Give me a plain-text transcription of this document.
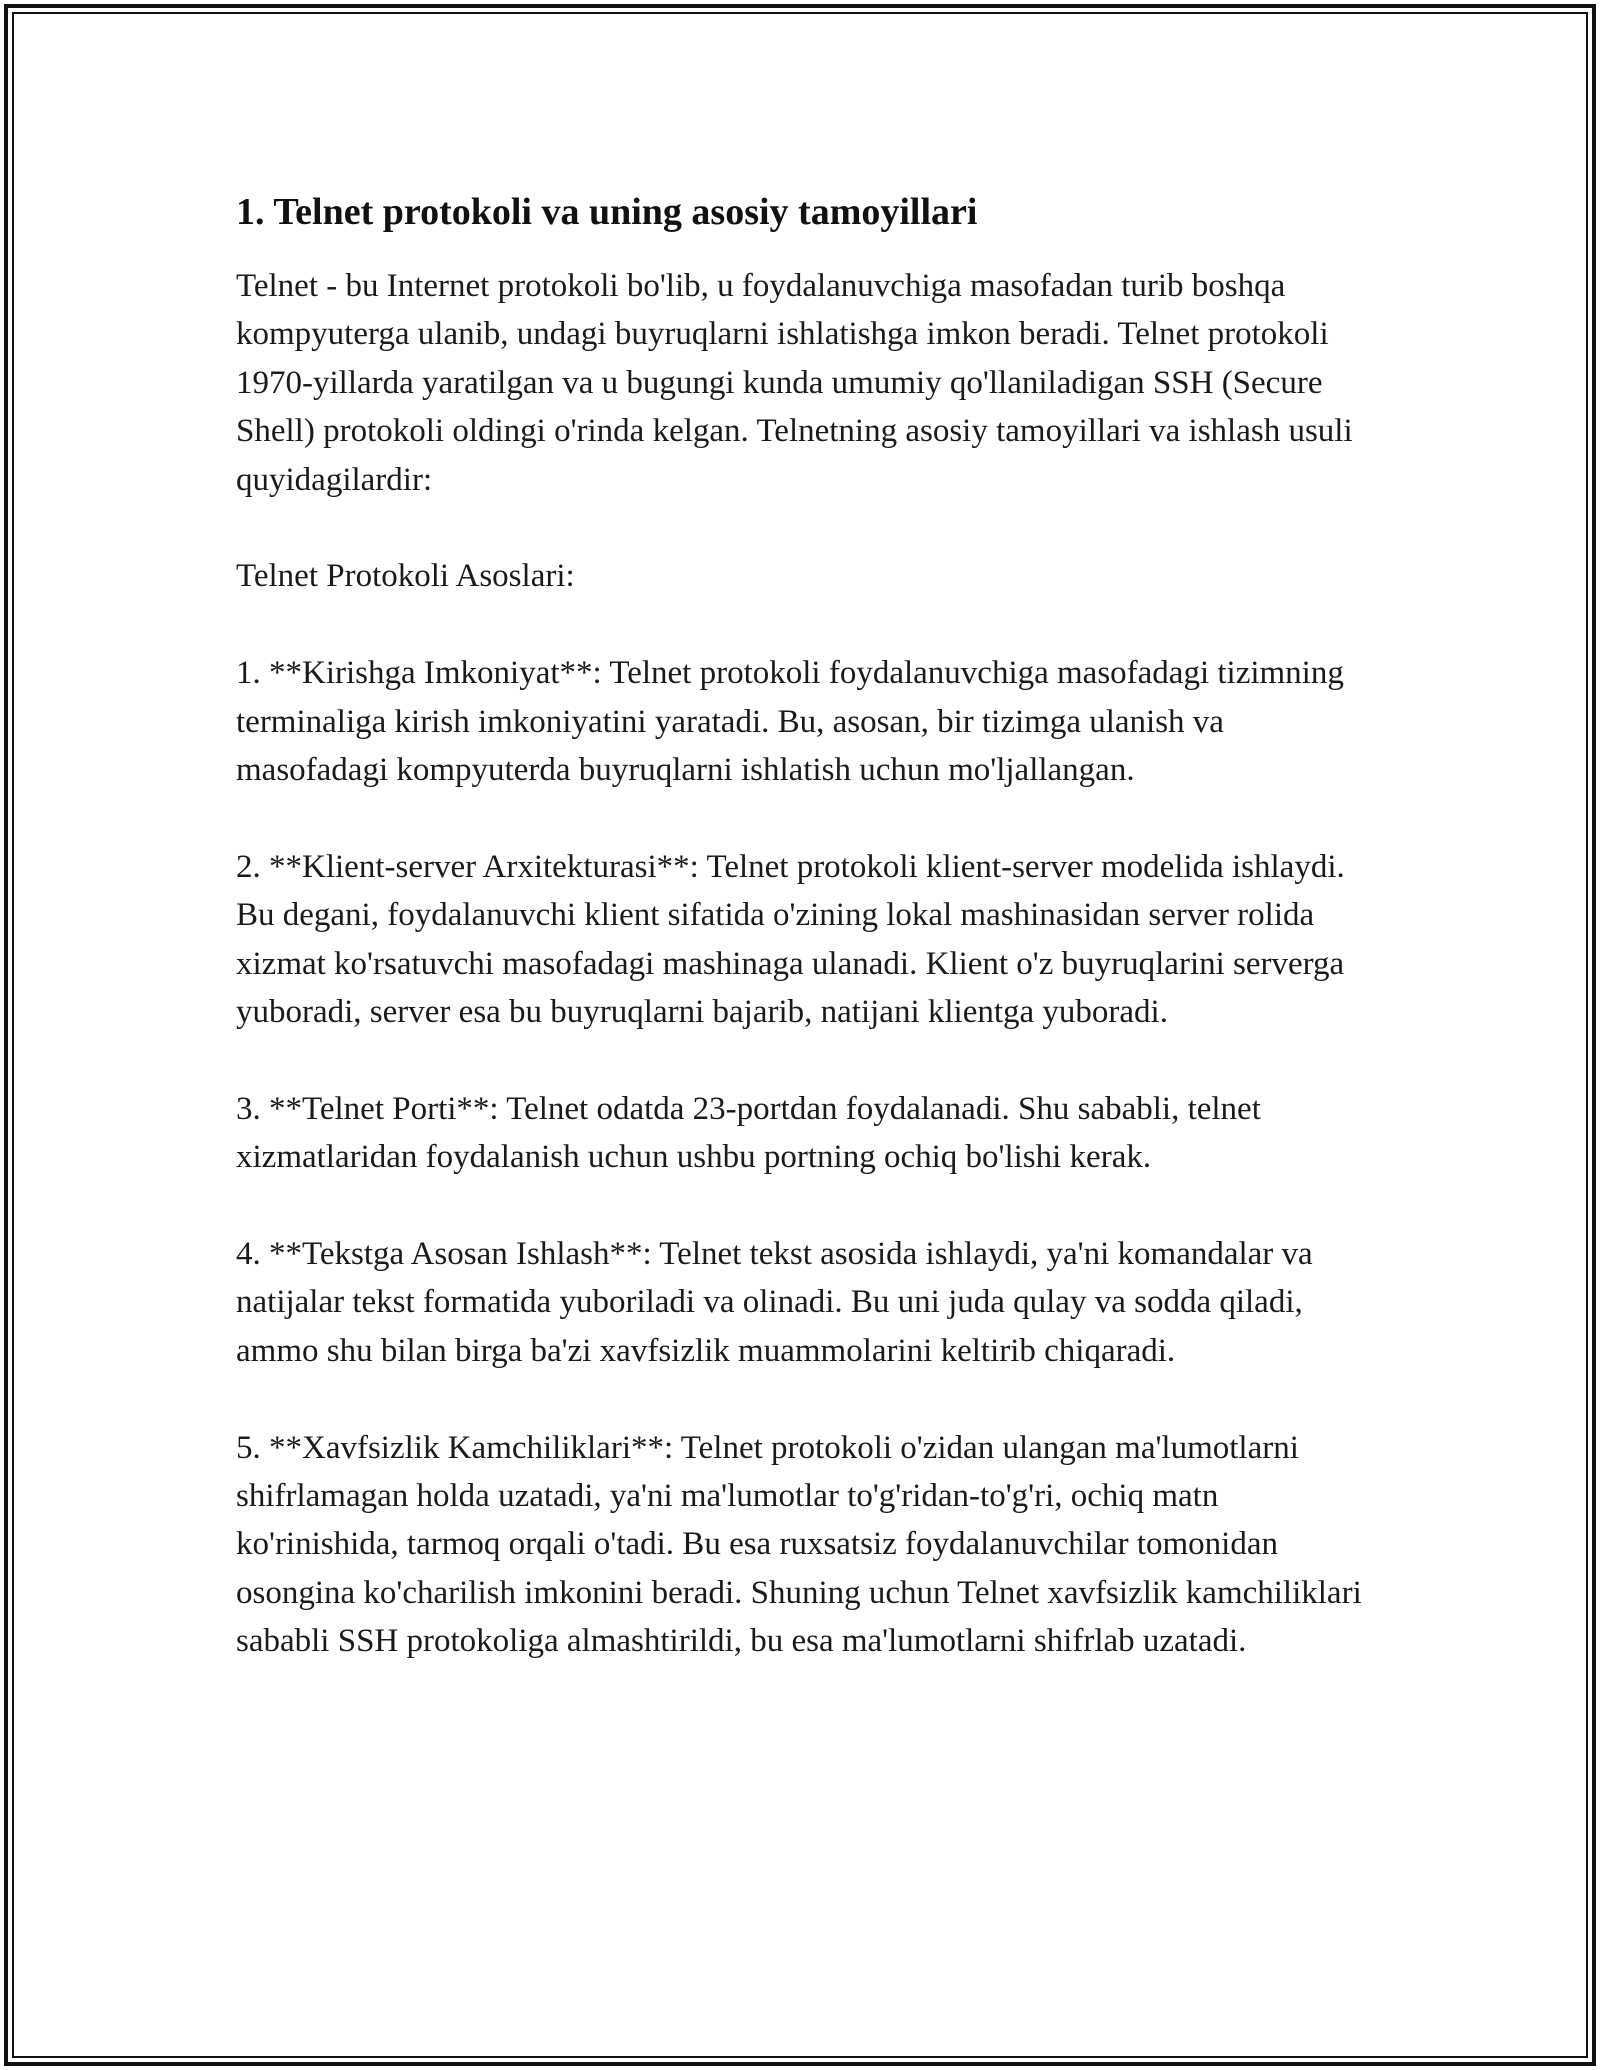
1. Telnet protokoli va uning asosiy tamoyillari

Telnet - bu Internet protokoli bo'lib, u foydalanuvchiga masofadan turib boshqa kompyuterga ulanib, undagi buyruqlarni ishlatishga imkon beradi. Telnet protokoli 1970-yillarda yaratilgan va u bugungi kunda umumiy qo'llaniladigan SSH (Secure Shell) protokoli oldingi o'rinda kelgan. Telnetning asosiy tamoyillari va ishlash usuli quyidagilardir:

Telnet Protokoli Asoslari:

1. **Kirishga Imkoniyat**: Telnet protokoli foydalanuvchiga masofadagi tizimning terminaliga kirish imkoniyatini yaratadi. Bu, asosan, bir tizimga ulanish va masofadagi kompyuterda buyruqlarni ishlatish uchun mo'ljallangan.

2. **Klient-server Arxitekturasi**: Telnet protokoli klient-server modelida ishlaydi. Bu degani, foydalanuvchi klient sifatida o'zining lokal mashinasidan server rolida xizmat ko'rsatuvchi masofadagi mashinaga ulanadi. Klient o'z buyruqlarini serverga yuboradi, server esa bu buyruqlarni bajarib, natijani klientga yuboradi.

3. **Telnet Porti**: Telnet odatda 23-portdan foydalanadi. Shu sababli, telnet xizmatlaridan foydalanish uchun ushbu portning ochiq bo'lishi kerak.

4. **Tekstga Asosan Ishlash**: Telnet tekst asosida ishlaydi, ya'ni komandalar va natijalar tekst formatida yuboriladi va olinadi. Bu uni juda qulay va sodda qiladi, ammo shu bilan birga ba'zi xavfsizlik muammolarini keltirib chiqaradi.

5. **Xavfsizlik Kamchiliklari**: Telnet protokoli o'zidan ulangan ma'lumotlarni shifrlamagan holda uzatadi, ya'ni ma'lumotlar to'g'ridan-to'g'ri, ochiq matn ko'rinishida, tarmoq orqali o'tadi. Bu esa ruxsatsiz foydalanuvchilar tomonidan osongina ko'charilish imkonini beradi. Shuning uchun Telnet xavfsizlik kamchiliklari sababli SSH protokoliga almashtirildi, bu esa ma'lumotlarni shifrlab uzatadi.
